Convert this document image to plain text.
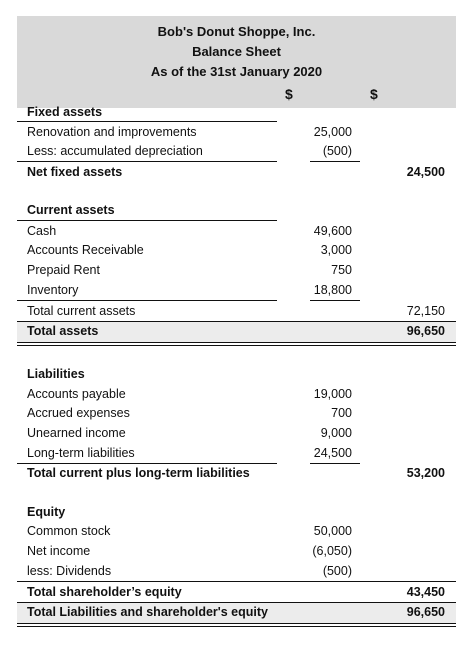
Bob's Donut Shoppe, Inc.
Balance Sheet
As of the 31st January 2020
$	$
Fixed assets
Renovation and improvements	25,000
Less: accumulated depreciation	(500)
Net fixed assets	24,500
Current assets
Cash	49,600
Accounts Receivable	3,000
Prepaid Rent	750
Inventory	18,800
Total current assets	72,150
Total assets	96,650
Liabilities
Accounts payable	19,000
Accrued expenses	700
Unearned income	9,000
Long-term liabilities	24,500
Total current plus long-term liabilities	53,200
Equity
Common stock	50,000
Net income	(6,050)
less: Dividends	(500)
Total shareholder’s equity	43,450
Total Liabilities and shareholder's equity	96,650
